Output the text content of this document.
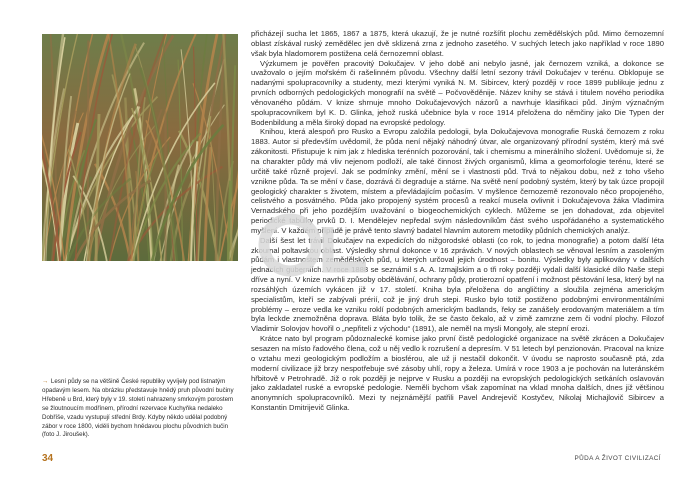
→ Lesní půdy se na většině České republiky vyvíjely pod listnatým opadavým lesem. Na obrázku představuje hnědý pruh původní bučiny Hřebeně u Brd, který byly v 19. století nahrazeny smrkovým porostem se žloutnoucím modřínem, přírodní rezervace Kuchyňka nedaleko Dobříše, vzadu vystupují střední Brdy. Kdyby někdo udělal podobný zábor v roce 1800, viděli bychom hnědavou plochu původních bučin (foto J. Jiroušek).

přicházejí sucha let 1865, 1867 a 1875, která ukazují, že je nutné rozšířit plochu zemědělských půd. Mimo černozemní oblast získával ruský zemědělec jen dvě sklizená zrna z jednoho zasetého. V suchých letech jako například v roce 1890 však byla hladomorem postižena celá černozemní oblast.

Výzkumem je pověřen pracovitý Dokučajev. V jeho době ani nebylo jasné, jak černozem vzniká, a dokonce se uvažovalo o jejím mořském či rašelinném původu. Všechny další letní sezony trávil Dokučajev v terénu. Obklopuje se nadanými spolupracovníky a studenty, mezi kterými vyniká N. M. Sibircev, který později v roce 1899 publikuje jednu z prvních odborných pedologických monografií na světě – Počvověděnije. Název knihy se stává i titulem nového periodika věnovaného půdám. V knize shrnuje mnoho Dokučajevových názorů a navrhuje klasifikaci půd. Jiným význačným spolupracovníkem byl K. D. Glinka, jehož ruská učebnice byla v roce 1914 přeložena do němčiny jako Die Typen der Bodenbildung a měla široký dopad na evropské pedology.

Knihou, která alespoň pro Rusko a Evropu založila pedologii, byla Dokučajevova monografie Ruská černozem z roku 1883. Autor si především uvědomil, že půda není nějaký náhodný útvar, ale organizovaný přírodní systém, který má své zákonitosti. Přistupuje k nim jak z hlediska terénních pozorování, tak i chemismu a minerálního složení. Uvědomuje si, že na charakter půdy má vliv nejenom podloží, ale také činnost živých organismů, klima a geomorfologie terénu, které se určitě také různě projeví. Jak se podmínky změní, mění se i vlastnosti půd. Trvá to nějakou dobu, než z toho všeho vznikne půda. Ta se mění v čase, dozrává či degraduje a stárne. Na světě není podobný systém, který by tak úzce propojil geologický charakter s životem, místem a převládajícím počasím. V myšlence černozemě rezonovalo něco propojeného, celistvého a posvátného. Půda jako propojený systém procesů a reakcí musela ovlivnit i Dokučajevova žáka Vladimira Vernadského při jeho pozdějším uvažování o biogeochemických cyklech. Můžeme se jen dohadovat, zda objevitel periodické tabulky prvků D. I. Mendělejev nepředal svým následovníkům část svého uspořádaného a systematického myšlení. V každém případě je právě tento slavný badatel hlavním autorem metodiky půdních chemických analýz.

Další šest let trávil Dokučajev na expedicích do nižgorodské oblasti (co rok, to jedna monografie) a potom další léta zkoumal poltavskou oblast. Výsledky shrnul dokonce v 16 zprávách. V nových oblastech se věnoval lesním a zasoleným půdám i vlastnostem zemědělských půd, u kterých určoval jejich úrodnost – bonitu. Výsledky byly aplikovány v dalších jednacích guberniích. V roce 1888 se seznámil s A. A. Izmajlskim a o tři roky později vydali další klasické dílo Naše stepi dříve a nyní. V knize navrhli způsoby obdělávání, ochrany půdy, protierozní opatření i možnost pěstování lesa, který byl na rozsáhlých územích vykácen již v 17. století. Kniha byla přeložena do angličtiny a sloužila zejména americkým specialistům, kteří se zabývali prérií, což je jiný druh stepi. Rusko bylo totiž postiženo podobnými environmentálními problémy – eroze vedla ke vzniku roklí podobných americkým badlands, řeky se zanášely erodovaným materiálem a tím byla leckde znemožněna doprava. Bláta bylo tolik, že se často čekalo, až v zimě zamrzne zem či vodní plochy. Filozof Vladimir Solovjov hovořil o „nepřiteli z východu“ (1891), ale neměl na mysli Mongoly, ale stepní erozi.

Krátce nato byl program půdoznalecké komise jako první čistě pedologické organizace na světě zkrácen a Dokučajev sesazen na místo řadového člena, což u něj vedlo k rozrušení a depresím. V 51 letech byl penzionován. Pracoval na knize o vztahu mezi geologickým podložím a biosférou, ale už ji nestačil dokončit. V úvodu se naprosto současně ptá, zda moderní civilizace již brzy nespotřebuje své zásoby uhlí, ropy a železa. Umírá v roce 1903 a je pochován na luteránském hřbitově v Petrohradě. Již o rok později je nejprve v Rusku a později na evropských pedologických setkáních oslavován jako zakladatel ruské a evropské pedologie. Neměli bychom však zapomínat na vklad mnoha dalších, dnes již většinou anonymních spolupracovníků. Mezi ty nejznámější patřili Pavel Andrejevič Kostyčev, Nikolaj Michajlovič Sibircev a Konstantin Dmitrijevič Glinka.

34	PŮDA A ŽIVOT CIVILIZACÍ
